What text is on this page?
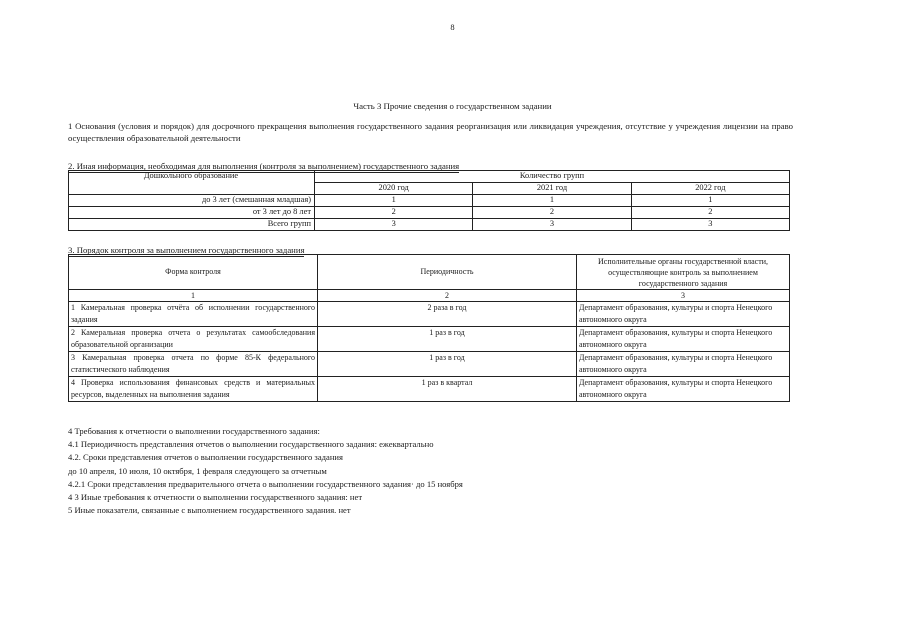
8
Часть 3 Прочие сведения о государственном задании
1 Основания (условия и порядок) для досрочного прекращения выполнения государственного задания реорганизация или ликвидация учреждения, отсутствие у учреждения лицензии на право осуществления образовательной деятельности
2. Иная информация, необходимая для выполнения (контроля за выполнением) государственного задания
Дошкольного образование	Количество групп		
	2020 год	2021 год	2022 год
до 3 лет (смешанная младшая)	1	1	1
от 3 лет до 8 лет	2	2	2
Всего групп	3	3	3
3. Порядок контроля за выполнением государственного задания
Форма контроля	Периодичность	Исполнительные органы государственной власти, осуществляющие контроль за выполнением государственного задания
1	2	3
1 Камеральная проверка отчёта об исполнении государственного задания	2 раза в год	Департамент образования, культуры и спорта Ненецкого автономного округа
2 Камеральная проверка отчета о результатах самообследования образовательной организации	1 раз в год	Департамент образования, культуры и спорта Ненецкого автономного округа
3 Камеральная проверка отчета по форме 85-К федерального статистического наблюдения	1 раз в год	Департамент образования, культуры и спорта Ненецкого автономного округа
4 Проверка использования финансовых средств и материальных ресурсов, выделенных на выполнения задания	1 раз в квартал	Департамент образования, культуры и спорта Ненецкого автономного округа
4 Требования к отчетности о выполнении государственного задания:
4.1 Периодичность представления отчетов о выполнении государственного задания: ежеквартально
4.2. Сроки представления отчетов о выполнении государственного задания
до 10 апреля, 10 июля, 10 октября, 1 февраля следующего за отчетным
4.2.1 Сроки представления предварительного отчета о выполнении государственного задания· до 15 ноября
4 3 Иные требования к отчетности о выполнении государственного задания: нет
5 Иные показатели, связанные с выполнением государственного задания. нет
